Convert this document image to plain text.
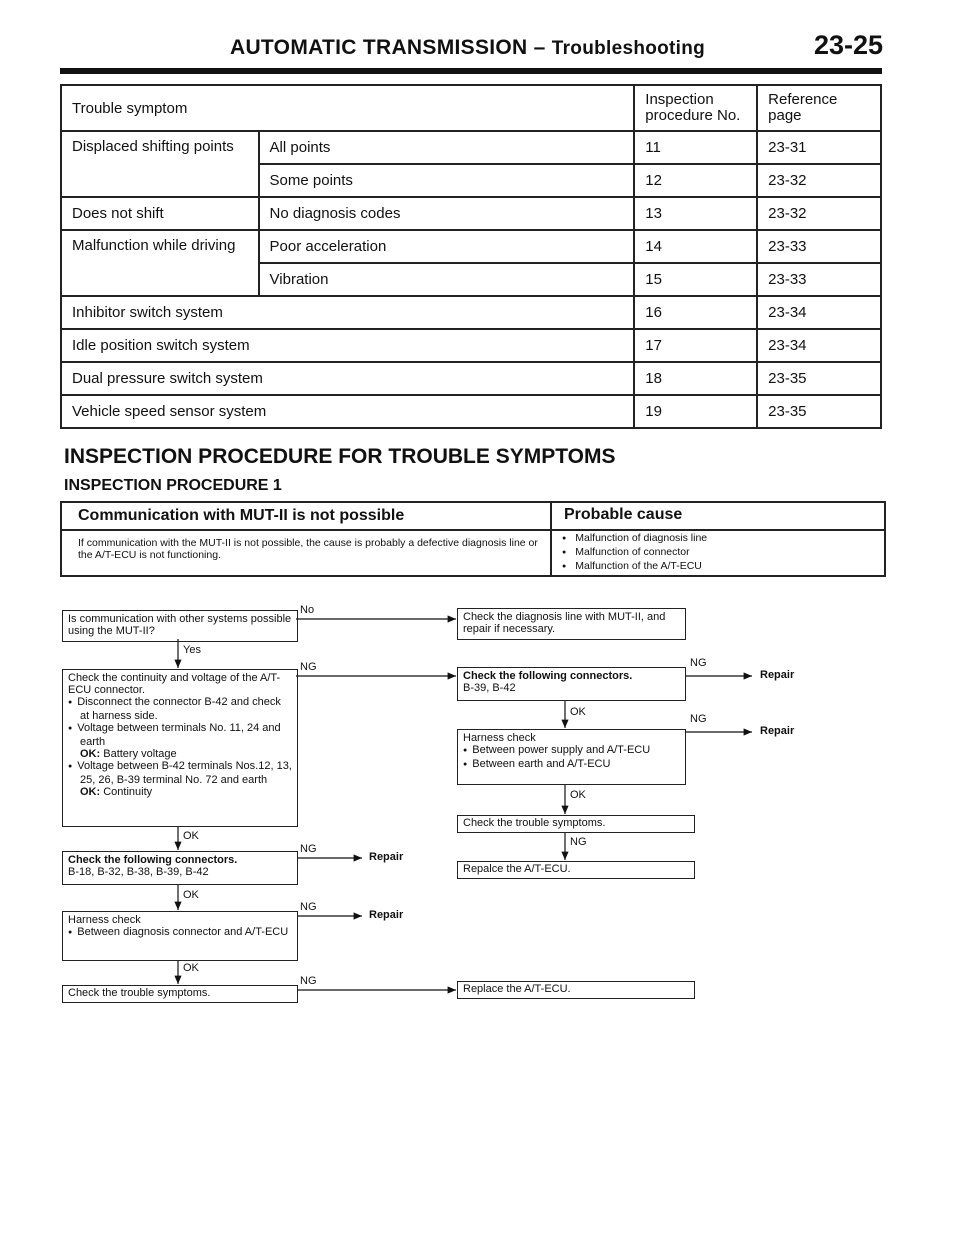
AUTOMATIC TRANSMISSION – Troubleshooting	23-25
Trouble symptom		Inspection procedure No.	Reference page
Displaced shifting points	All points	11	23-31
	Some points	12	23-32
Does not shift	No diagnosis codes	13	23-32
Malfunction while driving	Poor acceleration	14	23-33
	Vibration	15	23-33
Inhibitor switch system		16	23-34
Idle position switch system		17	23-34
Dual pressure switch system		18	23-35
Vehicle speed sensor system		19	23-35
INSPECTION PROCEDURE FOR TROUBLE SYMPTOMS
INSPECTION PROCEDURE 1
Communication with MUT-II is not possible	Probable cause
If communication with the MUT-II is not possible, the cause is probably a defective diagnosis line or the A/T-ECU is not functioning.
● Malfunction of diagnosis line
● Malfunction of connector
● Malfunction of the A/T-ECU
Is communication with other systems possible using the MUT-II?
Check the continuity and voltage of the A/T-ECU connector.
● Disconnect the connector B-42 and check at harness side.
● Voltage between terminals No. 11, 24 and earth
OK: Battery voltage
● Voltage between B-42 terminals Nos.12, 13, 25, 26, B-39 terminal No. 72 and earth
OK: Continuity
Check the following connectors.
B-18, B-32, B-38, B-39, B-42
Harness check
● Between diagnosis connector and A/T-ECU
Check the trouble symptoms.
Check the diagnosis line with MUT-II, and repair if necessary.
Check the following connectors.
B-39, B-42
Harness check
● Between power supply and A/T-ECU
● Between earth and A/T-ECU
Check the trouble symptoms.
Repalce the A/T-ECU.
Replace the A/T-ECU.
No
Yes
NG
OK
NG
Repair
OK
NG
Repair
OK
NG
NG
Repair
OK
NG
Repair
OK
NG
